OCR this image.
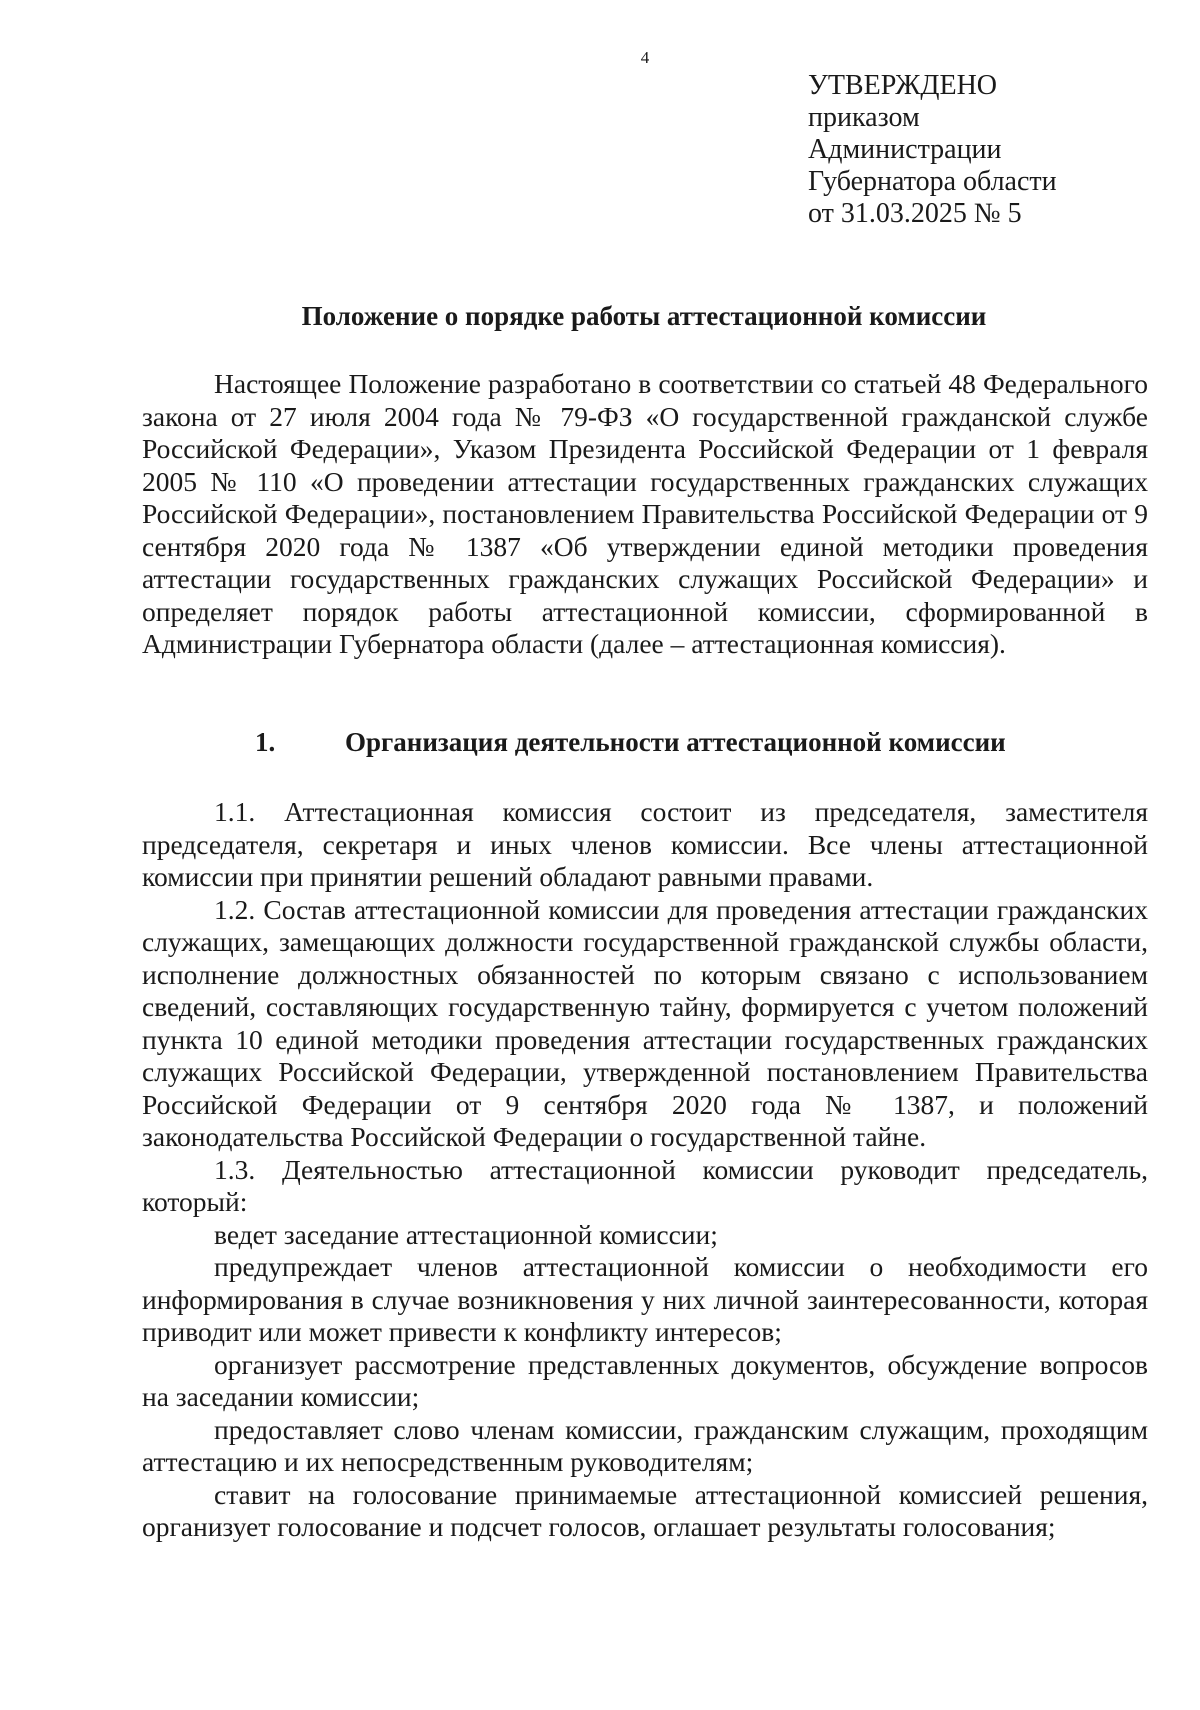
4
УТВЕРЖДЕНО
приказом
Администрации
Губернатора области
от 31.03.2025 № 5
Положение о порядке работы аттестационной комиссии

Настоящее Положение разработано в соответствии со статьей 48 Федерального закона от 27 июля 2004 года № 79-ФЗ «О государственной гражданской службе Российской Федерации», Указом Президента Российской Федерации от 1 февраля 2005 № 110 «О проведении аттестации государственных гражданских служащих Российской Федерации», постановлением Правительства Российской Федерации от 9 сентября 2020 года № 1387 «Об утверждении единой методики проведения аттестации государственных гражданских служащих Российской Федерации» и определяет порядок работы аттестационной комиссии, сформированной в Администрации Губернатора области (далее – аттестационная комиссия).

1.	Организация деятельности аттестационной комиссии

1.1. Аттестационная комиссия состоит из председателя, заместителя председателя, секретаря и иных членов комиссии. Все члены аттестационной комиссии при принятии решений обладают равными правами.

1.2. Состав аттестационной комиссии для проведения аттестации гражданских служащих, замещающих должности государственной гражданской службы области, исполнение должностных обязанностей по которым связано с использованием сведений, составляющих государственную тайну, формируется с учетом положений пункта 10 единой методики проведения аттестации государственных гражданских служащих Российской Федерации, утвержденной постановлением Правительства Российской Федерации от 9 сентября 2020 года № 1387, и положений законодательства Российской Федерации о государственной тайне.

1.3. Деятельностью аттестационной комиссии руководит председатель, который:

ведет заседание аттестационной комиссии;

предупреждает членов аттестационной комиссии о необходимости его информирования в случае возникновения у них личной заинтересованности, которая приводит или может привести к конфликту интересов;

организует рассмотрение представленных документов, обсуждение вопросов на заседании комиссии;

предоставляет слово членам комиссии, гражданским служащим, проходящим аттестацию и их непосредственным руководителям;

ставит на голосование принимаемые аттестационной комиссией решения, организует голосование и подсчет голосов, оглашает результаты голосования;
